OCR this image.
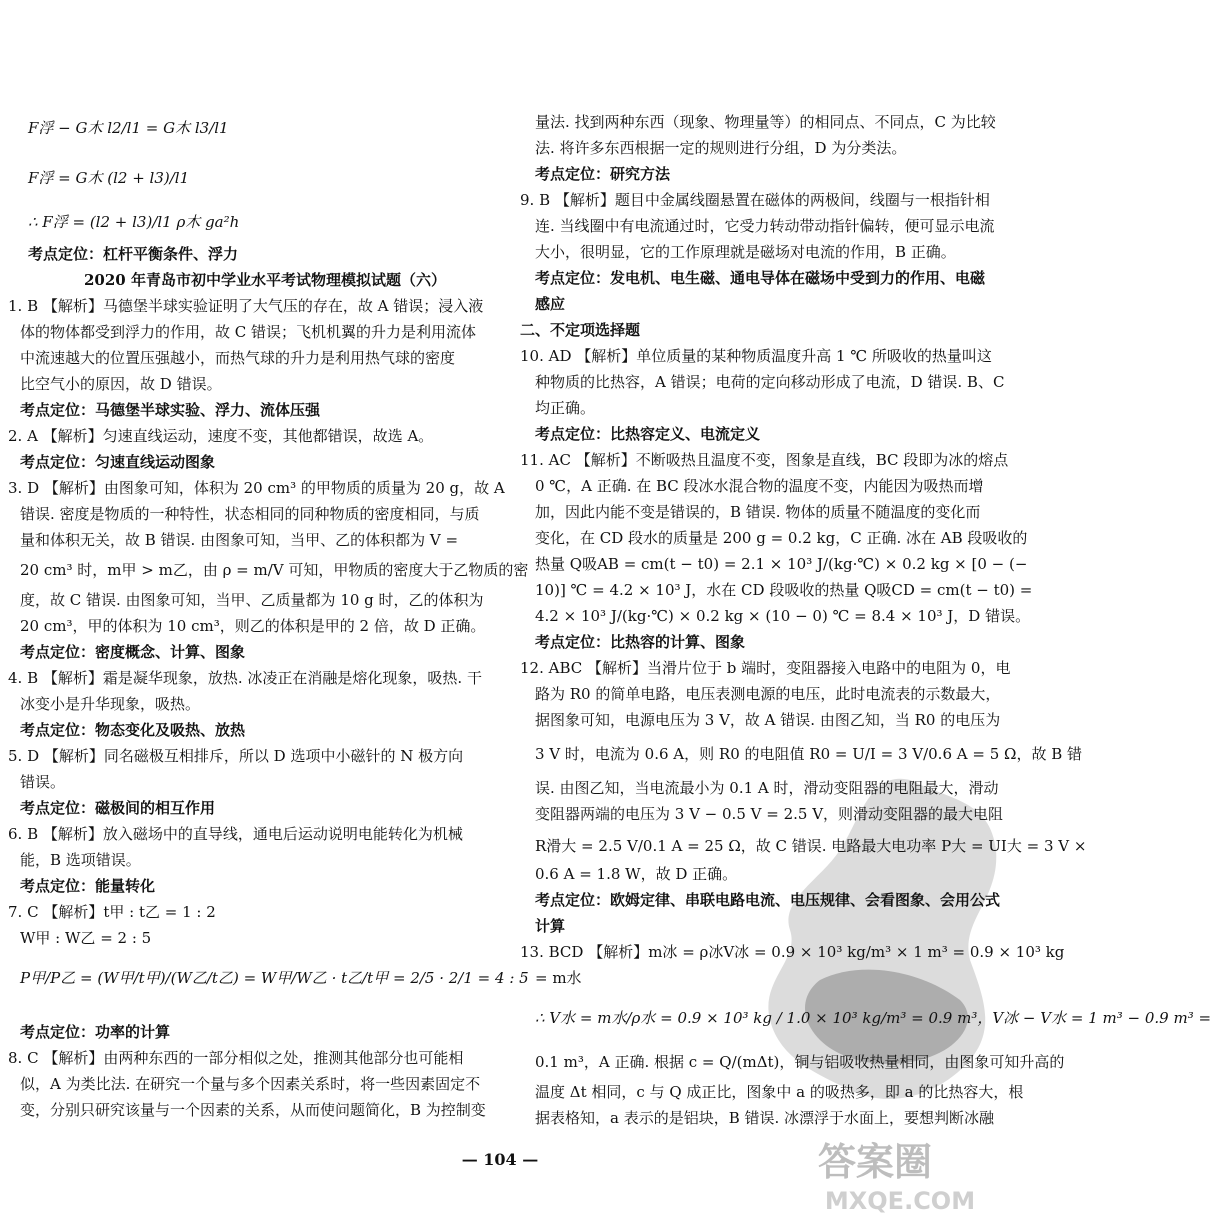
F浮 − G木 l2/l1 = G木 l3/l1
F浮 = G木 (l2 + l3)/l1
∴ F浮 = (l2 + l3)/l1 ρ木 ga²h
考点定位：杠杆平衡条件、浮力
2020 年青岛市初中学业水平考试物理模拟试题（六）
1. B 【解析】马德堡半球实验证明了大气压的存在，故 A 错误；浸入液
体的物体都受到浮力的作用，故 C 错误；飞机机翼的升力是利用流体
中流速越大的位置压强越小，而热气球的升力是利用热气球的密度
比空气小的原因，故 D 错误。
考点定位：马德堡半球实验、浮力、流体压强
2. A 【解析】匀速直线运动，速度不变，其他都错误，故选 A。
考点定位：匀速直线运动图象
3. D 【解析】由图象可知，体积为 20 cm³ 的甲物质的质量为 20 g，故 A
错误. 密度是物质的一种特性，状态相同的同种物质的密度相同，与质
量和体积无关，故 B 错误. 由图象可知，当甲、乙的体积都为 V =
20 cm³ 时，m甲 > m乙，由 ρ = m/V 可知，甲物质的密度大于乙物质的密
度，故 C 错误. 由图象可知，当甲、乙质量都为 10 g 时，乙的体积为
20 cm³，甲的体积为 10 cm³，则乙的体积是甲的 2 倍，故 D 正确。
考点定位：密度概念、计算、图象
4. B 【解析】霜是凝华现象，放热. 冰凌正在消融是熔化现象，吸热. 干
冰变小是升华现象，吸热。
考点定位：物态变化及吸热、放热
5. D 【解析】同名磁极互相排斥，所以 D 选项中小磁针的 N 极方向
错误。
考点定位：磁极间的相互作用
6. B 【解析】放入磁场中的直导线，通电后运动说明电能转化为机械
能，B 选项错误。
考点定位：能量转化
7. C 【解析】t甲 : t乙 = 1 : 2
W甲 : W乙 = 2 : 5
P甲/P乙 = (W甲/t甲)/(W乙/t乙) = W甲/W乙 · t乙/t甲 = 2/5 · 2/1 = 4 : 5
考点定位：功率的计算
8. C 【解析】由两种东西的一部分相似之处，推测其他部分也可能相
似，A 为类比法. 在研究一个量与多个因素关系时，将一些因素固定不
变，分别只研究该量与一个因素的关系，从而使问题简化，B 为控制变
量法. 找到两种东西（现象、物理量等）的相同点、不同点，C 为比较
法. 将许多东西根据一定的规则进行分组，D 为分类法。
考点定位：研究方法
9. B 【解析】题目中金属线圈悬置在磁体的两极间，线圈与一根指针相
连. 当线圈中有电流通过时，它受力转动带动指针偏转，便可显示电流
大小，很明显，它的工作原理就是磁场对电流的作用，B 正确。
考点定位：发电机、电生磁、通电导体在磁场中受到力的作用、电磁
感应
二、不定项选择题
10. AD 【解析】单位质量的某种物质温度升高 1 ℃ 所吸收的热量叫这
种物质的比热容，A 错误；电荷的定向移动形成了电流，D 错误. B、C
均正确。
考点定位：比热容定义、电流定义
11. AC 【解析】不断吸热且温度不变，图象是直线，BC 段即为冰的熔点
0 ℃，A 正确. 在 BC 段冰水混合物的温度不变，内能因为吸热而增
加，因此内能不变是错误的，B 错误. 物体的质量不随温度的变化而
变化，在 CD 段水的质量是 200 g = 0.2 kg，C 正确. 冰在 AB 段吸收的
热量 Q吸AB = cm(t − t0) = 2.1 × 10³ J/(kg·℃) × 0.2 kg × [0 − (−
10)] ℃ = 4.2 × 10³ J，水在 CD 段吸收的热量 Q吸CD = cm(t − t0) =
4.2 × 10³ J/(kg·℃) × 0.2 kg × (10 − 0) ℃ = 8.4 × 10³ J，D 错误。
考点定位：比热容的计算、图象
12. ABC 【解析】当滑片位于 b 端时，变阻器接入电路中的电阻为 0，电
路为 R0 的简单电路，电压表测电源的电压，此时电流表的示数最大，
据图象可知，电源电压为 3 V，故 A 错误. 由图乙知，当 R0 的电压为
3 V 时，电流为 0.6 A，则 R0 的电阻值 R0 = U/I = 3 V/0.6 A = 5 Ω，故 B 错
误. 由图乙知，当电流最小为 0.1 A 时，滑动变阻器的电阻最大，滑动
变阻器两端的电压为 3 V − 0.5 V = 2.5 V，则滑动变阻器的最大电阻
R滑大 = 2.5 V/0.1 A = 25 Ω，故 C 错误. 电路最大电功率 P大 = UI大 = 3 V ×
0.6 A = 1.8 W，故 D 正确。
考点定位：欧姆定律、串联电路电流、电压规律、会看图象、会用公式
计算
13. BCD 【解析】m冰 = ρ冰V冰 = 0.9 × 10³ kg/m³ × 1 m³ = 0.9 × 10³ kg
= m水
∴ V水 = m水/ρ水 = 0.9 × 10³ kg / 1.0 × 10³ kg/m³ = 0.9 m³，V冰 − V水 = 1 m³ − 0.9 m³ =
0.1 m³，A 正确. 根据 c = Q/(mΔt)，铜与铝吸收热量相同，由图象可知升高的
温度 Δt 相同，c 与 Q 成正比，图象中 a 的吸热多，即 a 的比热容大，根
据表格知，a 表示的是铝块，B 错误. 冰漂浮于水面上，要想判断冰融
— 104 —	答案圈
MXQE.COM
